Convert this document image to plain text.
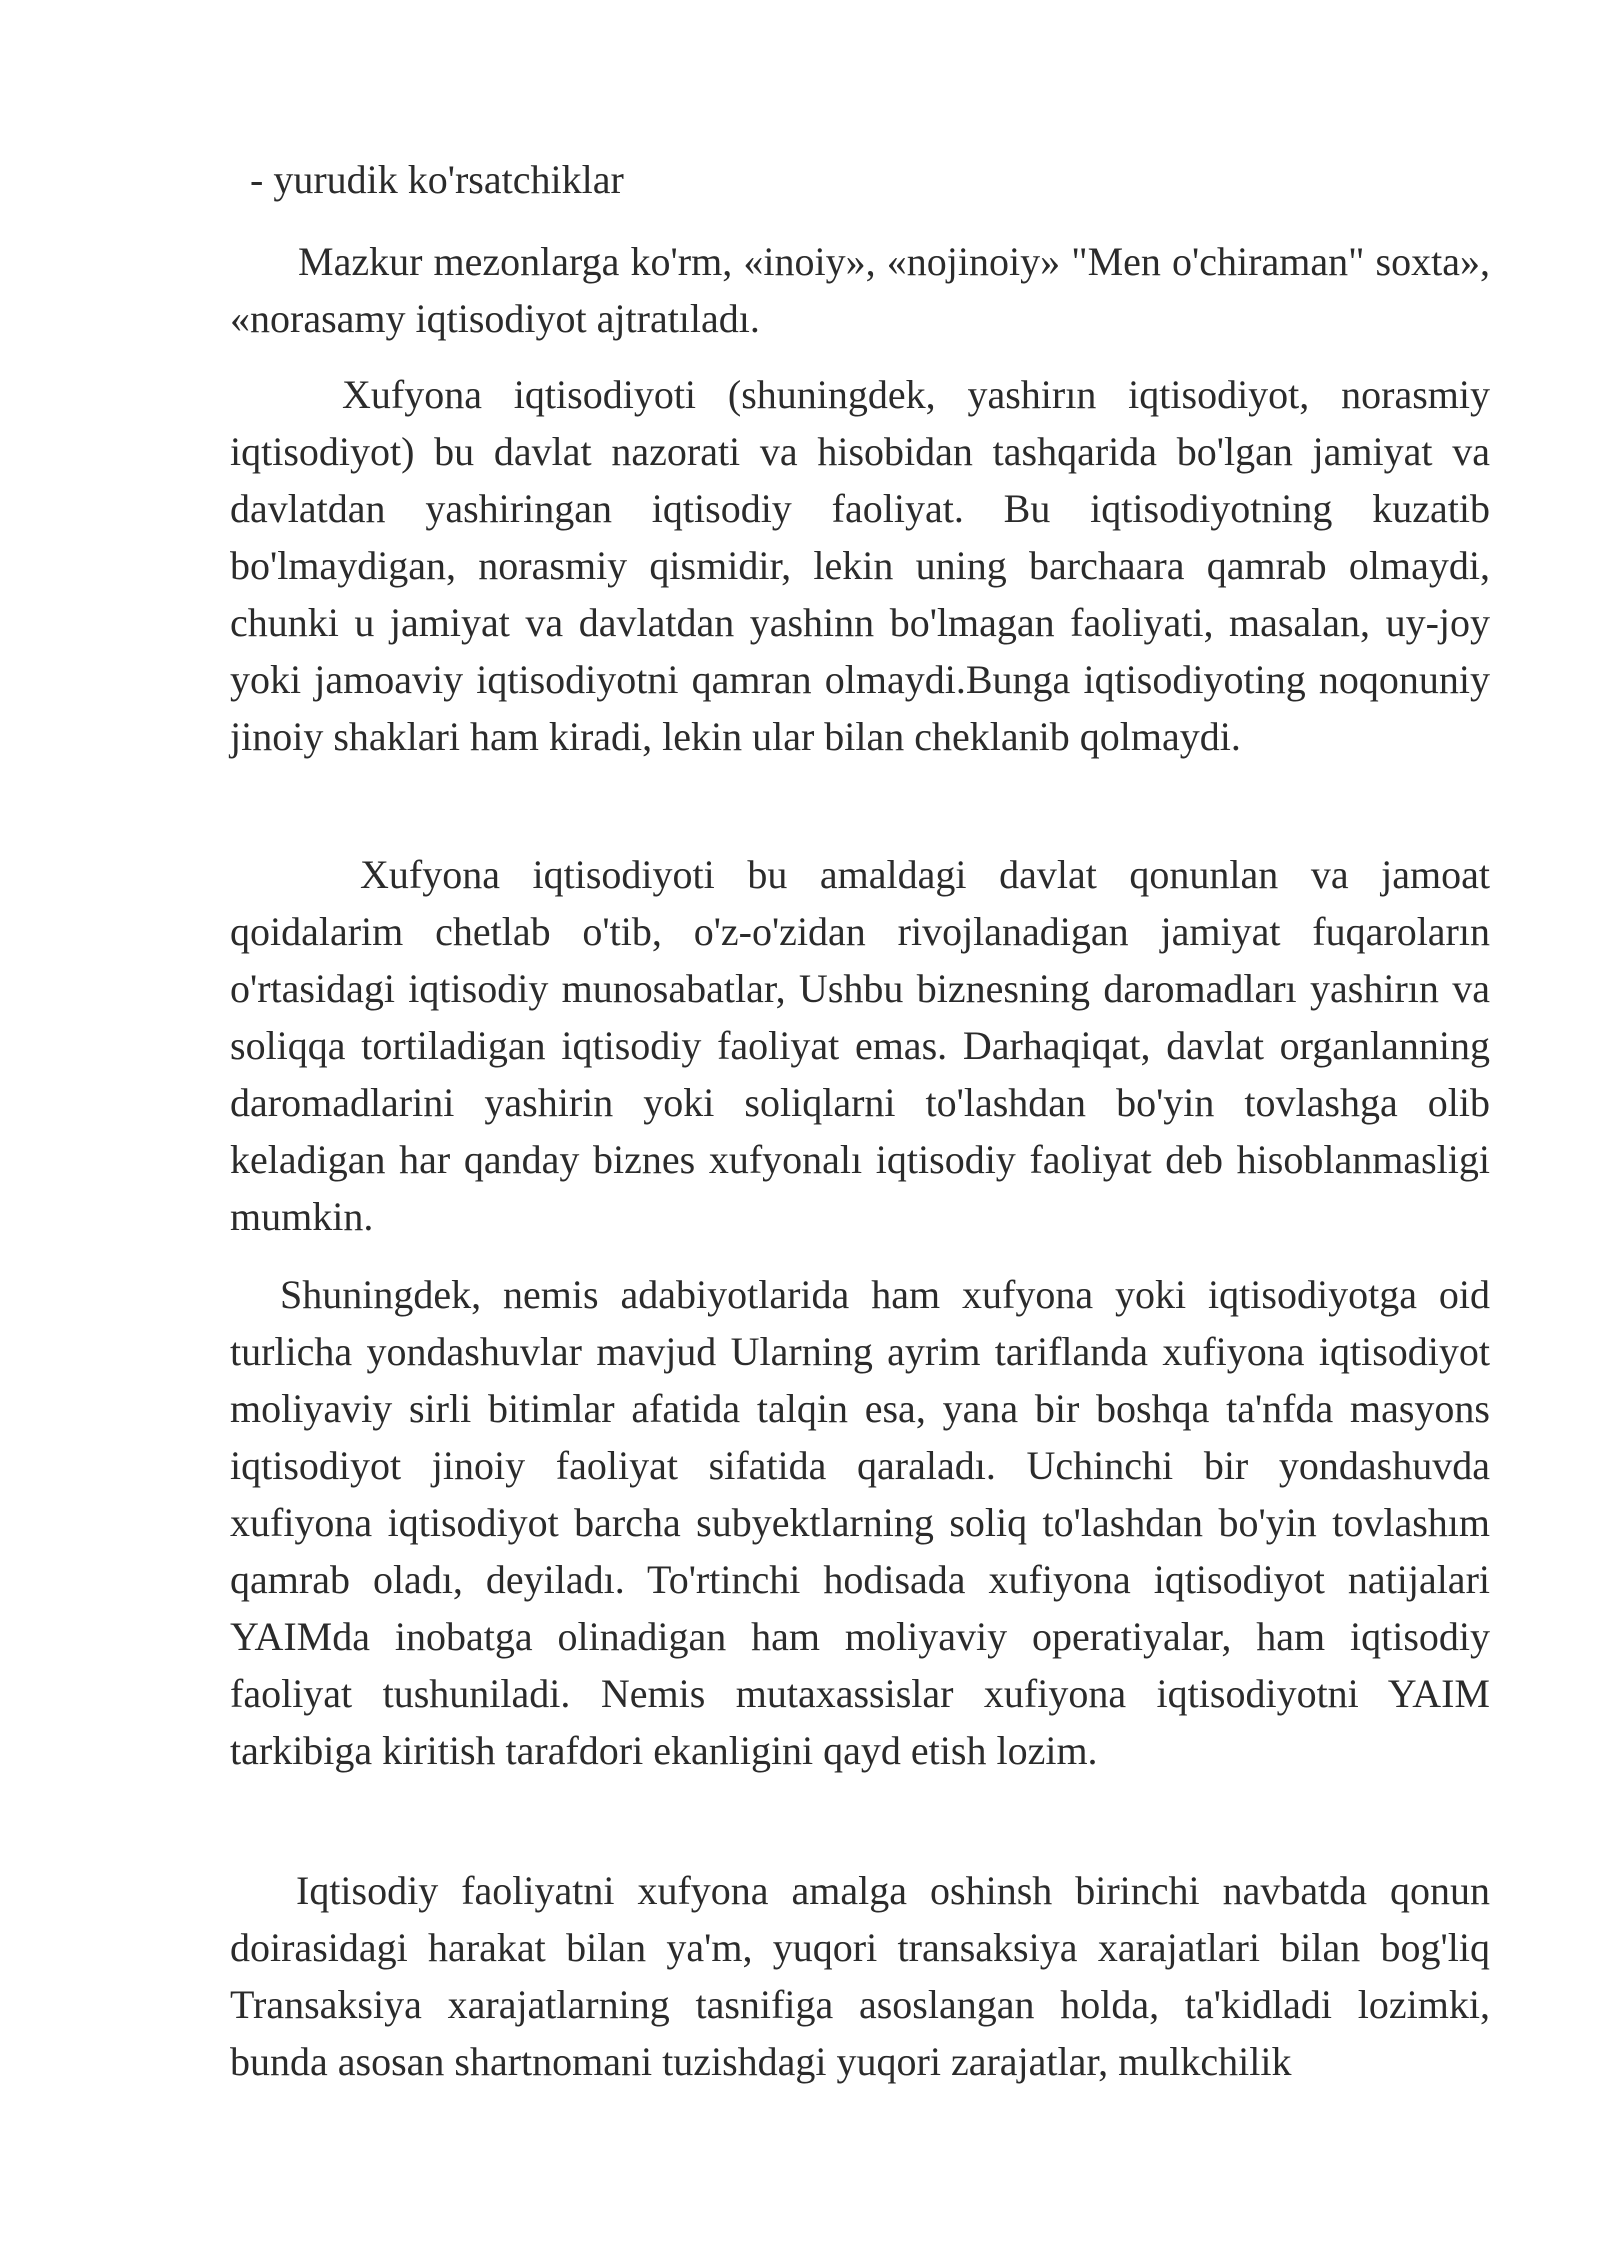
- yurudik ko'rsatchiklar

Mazkur mezonlarga ko'rm, «inoiy», «nojinoiy» "Men o'chiraman" soxta», «norasamy iqtisodiyot ajtratıladı.

Xufyona iqtisodiyoti (shuningdek, yashirın iqtisodiyot, norasmiy iqtisodiyot) bu davlat nazorati va hisobidan tashqarida bo'lgan jamiyat va davlatdan yashiringan iqtisodiy faoliyat. Bu iqtisodiyotning kuzatib bo'lmaydigan, norasmiy qismidir, lekin uning barchaara qamrab olmaydi, chunki u jamiyat va davlatdan yashinn bo'lmagan faoliyati, masalan, uy-joy yoki jamoaviy iqtisodiyotni qamran olmaydi.Bunga iqtisodiyoting noqonuniy jinoiy shaklari ham kiradi, lekin ular bilan cheklanib qolmaydi.

Xufyona iqtisodiyoti bu amaldagi davlat qonunlan va jamoat qoidalarim chetlab o'tib, o'z-o'zidan rivojlanadigan jamiyat fuqaroların o'rtasidagi iqtisodiy munosabatlar, Ushbu biznesning daromadları yashirın va soliqqa tortiladigan iqtisodiy faoliyat emas. Darhaqiqat, davlat organlanning daromadlarini yashirin yoki soliqlarni to'lashdan bo'yin tovlashga olib keladigan har qanday biznes xufyonalı iqtisodiy faoliyat deb hisoblanmasligi mumkin.

Shuningdek, nemis adabiyotlarida ham xufyona yoki iqtisodiyotga oid turlicha yondashuvlar mavjud Ularning ayrim tariflanda xufiyona iqtisodiyot moliyaviy sirli bitimlar afatida talqin esa, yana bir boshqa ta'nfda masyons iqtisodiyot jinoiy faoliyat sifatida qaraladı. Uchinchi bir yondashuvda xufiyona iqtisodiyot barcha subyektlarning soliq to'lashdan bo'yin tovlashım qamrab oladı, deyiladı. To'rtinchi hodisada xufiyona iqtisodiyot natijalari YAIMda inobatga olinadigan ham moliyaviy operatiyalar, ham iqtisodiy faoliyat tushuniladi. Nemis mutaxassislar xufiyona iqtisodiyotni YAIM tarkibiga kiritish tarafdori ekanligini qayd etish lozim.

Iqtisodiy faoliyatni xufyona amalga oshinsh birinchi navbatda qonun doirasidagi harakat bilan ya'm, yuqori transaksiya xarajatlari bilan bog'liq Transaksiya xarajatlarning tasnifiga asoslangan holda, ta'kidladi lozimki, bunda asosan shartnomani tuzishdagi yuqori zarajatlar, mulkchilik
